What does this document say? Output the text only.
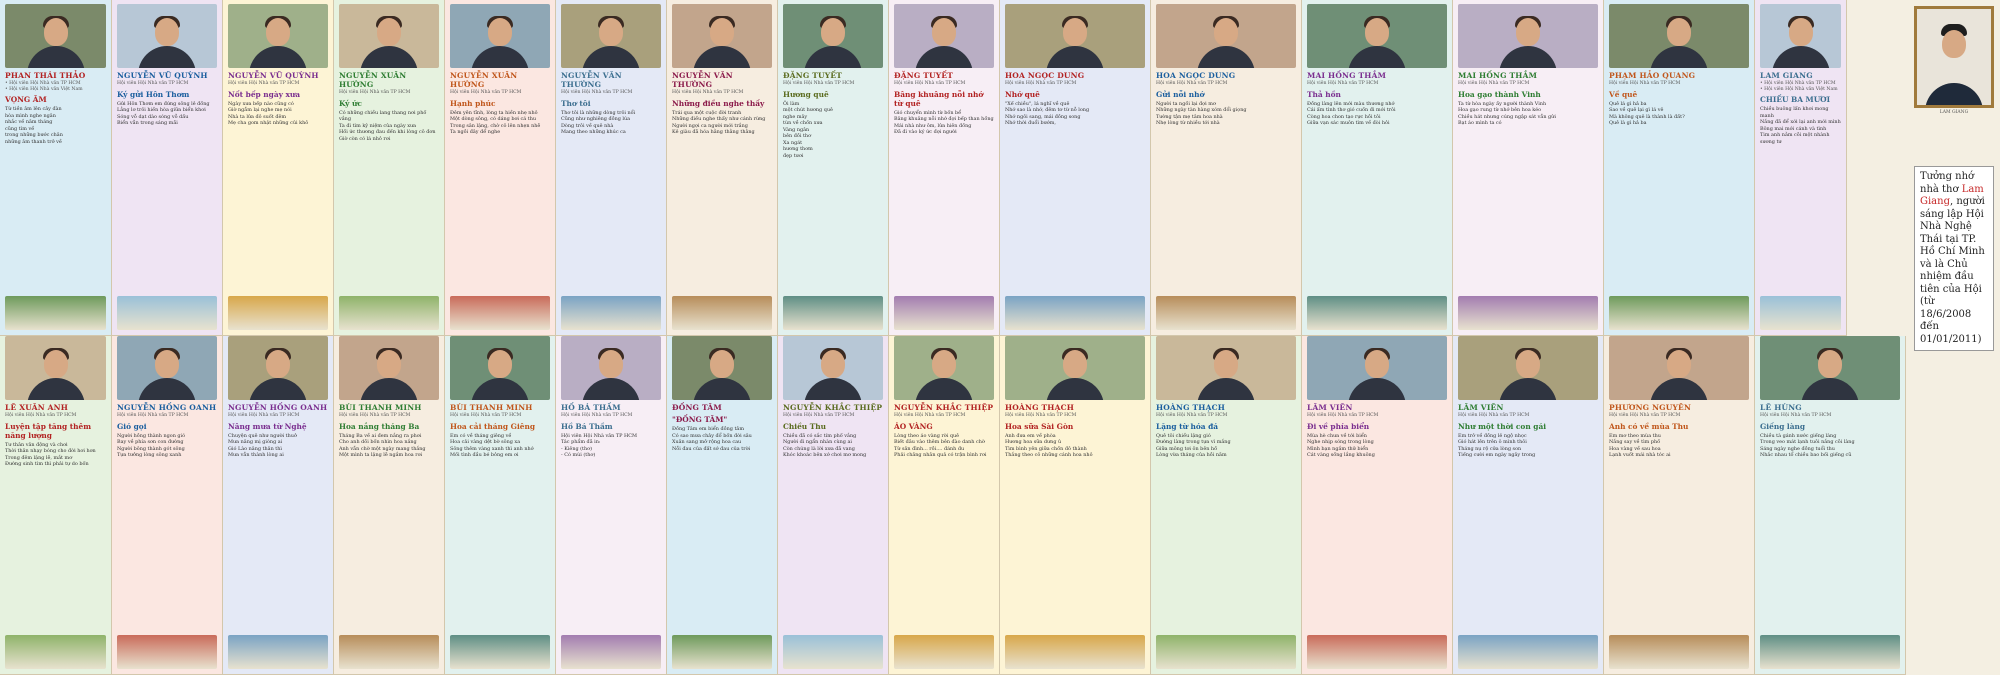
PHAN THÁI THẢO
• Hội viên Hội Nhà văn TP HCM
• Hội viên Hội Nhà văn Việt Nam
VỌNG ÂM
Từ tiền âm lên cây đàn
hòa mình nghe ngân
nhắc về năm tháng
cũng tìm về
trong những bước chân
những âm thanh trở về
NGUYỄN VŨ QUỲNH
Hội viên Hội Nhà văn TP HCM
Ký gửi Hôn Thơm
Gửi Hôn Thơm em đứng sông lẻ đồng
Lẳng lơ trôi hiền hòa giữa biển khơi
Sóng vỗ dạt dào sóng vỗ dấu
Biển vẫn trong sáng mãi

NGUYỄN VŨ QUỲNH
Hội viên Hội Nhà văn TP HCM
Nốt bếp ngày xưa
Ngày xưa bếp nào cũng có
Giờ ngẫm lại nghe mẹ nói
Nhà ta lửa đỏ suốt đêm
Mẹ cha gom nhặt những củi khô

NGUYỄN XUÂN HƯỜNG
Hội viên Hội Nhà văn TP HCM
Ký ức
Có những chiều lang thang nơi phố vắng
Ta đi tìm kỷ niệm của ngày xưa
Hồi ức thương đau đến khi lòng cô đơn
Giờ còn có lá nhỏ rơi

NGUYỄN XUÂN HƯỜNG
Hội viên Hội Nhà văn TP HCM
Hạnh phúc
Đêm yên tĩnh, lòng ta hiền nhẹ nhỏ
Một dòng sông, có dáng bơi cá thu
Trong sân lặng, chờ cô lên nhẹn nhẽ
Ta ngồi đây để nghe

NGUYỄN VĂN THƯỜNG
Hội viên Hội Nhà văn TP HCM
Thơ tôi
Thơ tôi là những dòng trôi nổi
Cũng như nghiêng đồng lúa
Dòng trôi về quê nhà
Mang theo những khúc ca

NGUYỄN VĂN THƯỜNG
Hội viên Hội Nhà văn TP HCM
Những điều nghe thấy
Trái qua một cuộc đời tranh
Những điều nghe thấy như cánh rừng
Người ngợi ca người mới trắng
Kẻ giàu đã hóa hằng thằng thằng

ĐẶNG TUYẾT
Hội viên Hội Nhà văn TP HCM
Hương quê
Ôi làm
một chút hương quê
nghe mây
tùn về chốn xưa
Vàng ngân
bên đồi thơ
Xa ngát
hương thơm
đẹp tươi
ĐẶNG TUYẾT
Hội viên Hội Nhà văn TP HCM
Bâng khuâng nỗi nhớ từ quê
Gió chuyển mình từ bốn bể
Bâng khuâng nỗi nhớ đợi bếp than hồng
Mái nhà như ôm, lửa hiên đồng
Đã đi vào ký ức đợi người

LÊ XUÂN ANH
Hội viên Hội Nhà văn TP HCM
Luyện tập tăng thêm năng lượng
Tư thân vân động và chơi
Thời thân nhạy bóng cho đời hơi hơn
Trong đêm lặng lẽ, mắt mơ
Đường sinh tìm thì phải tự do bốn

NGUYỄN HỒNG OANH
Hội viên Hội Nhà văn TP HCM
Gió gọi
Người hồng thành ngon gió
Bay về phía sơn con đường
Người bông thành gót sông
Tựa tưởng lòng sông xanh

NGUYỄN HỒNG OANH
Hội viên Hội Nhà văn TP HCM
Nâng mưa từ Nghệ
Chuyện quê như người thuở
Mưa nâng mị giòng ai
Gió Lào nâng thân thì
Mưa vẫn thành lòng ai

BÙI THANH MINH
Hội viên Hội Nhà văn TP HCM
Hoa nắng tháng Ba
Tháng Ba về ai đem nắng ra phơi
Cho anh dõi bốn nhìn hoa nắng
Anh vẫn chờ một ngày mang thắng
Một mình ta lặng lẽ ngắm hoa rơi

BÙI THANH MINH
Hội viên Hội Nhà văn TP HCM
Hoa cải tháng Giêng
Em có về tháng giêng về
Hoa cải vàng dệt bờ sông xa
Sông thêm vàng xanh thì anh nhớ
Mối tình đầu bé bỏng em ơi

HỒ BÁ THẦM
Hội viên Hội Nhà văn TP HCM
Hồ Bá Thầm
Hội viên Hội Nhà văn TP HCM
Tác phẩm đã in:
- Kiêng (thơ)
- Có mùi (thơ)

ĐỒNG TÂM
"ĐỒNG TÂM"
Đồng Tâm em biển đồng tâm
Có sao mưa chảy đổ bốn đời sâu
Xuân sang mở rộng hoa cau
Nỗi đau của đất sớ đau của trời

NGUYỄN KHẮC THIỆP
Hội viên Hội Nhà văn TP HCM
Chiều Thu
Chiều đã có sắc tím phố vắng
Người đi ngẩn nhàn cùng ai
Còn chúng là lời xưa đã vang
Khóc khoác bên xớ chơi mơ mong

NGUYỄN KHẮC THIỆP
Hội viên Hội Nhà văn TP HCM
ÁO VÀNG
Lòng theo áo vàng rời quê
Biết đâu vào thêm bên đào danh chờ
Từ sân đình... rồi.... đánh đu
Phải chăng nhân quả có trận bình rơi

HOA NGỌC DUNG
Hội viên Hội Nhà văn TP HCM
Nhớ quê
"Xế chiều", lá nghĩ về quê
Nhớ sao là nhớ, đêm tơ từ nỗ long
Nhớ ngôi sang, mái đồng song
Nhớ thời đuổi bướm,

HOA NGỌC DUNG
Hội viên Hội Nhà văn TP HCM
Gửi nỗi nhớ
Người ta ngồi lại đợi mơ
Những ngày tàn hàng xóm đổi giọng
Tường tận mẹ tâm hoa nhà
Nhẹ lòng từ nhiều tới nhà

MAI HỒNG THẮM
Hội viên Hội Nhà văn TP HCM
Thả hồn
Đồng làng lên mới màu thương nhớ
Cái ấm tình thơ gió cuốn đi mới trôi
Còng hoa chon tạo rực hồi tôi
Giữa vạn sác muôn tìm về đòi hỏi

MAI HỒNG THẮM
Hội viên Hội Nhà văn TP HCM
Hoa gạo thành Vinh
Ta từ hòa ngày ấy người thành Vinh
Hoa gạo rung từ nhớ bên hoa kéo
Chiều hát nhưng cúng ngập sát vẫn gửi
Bạt áo mình ta có

PHẠM HẢO QUANG
Hội viên Hội Nhà văn TP HCM
Về quê
Quê lá gì hả ba
Sao về quê lại gì lá vê
Mà không quê là thành là đất?
Quê là gì hả ba

LAM GIANG
• Hội viên Hội Nhà văn TP HCM
• Hội viên Hội Nhà văn Việt Nam
CHIỀU BA MƯƠI
Chiều buông lấn khơi mong manh
Nắng đã để xới lại anh mới mình
Bông mai mới cánh và tình
Tim anh nằm cõi một nhành sương tư

HOÀNG THẠCH
Hội viên Hội Nhà văn TP HCM
Hoa sữa Sài Gòn
Anh đưa em về phòa
Hương hoa sữa dưng ủ
Tìm bình yên giữa chốn đô thành
Thắng theo cô những cánh hoa nhỏ

HOÀNG THẠCH
Hội viên Hội Nhà văn TP HCM
Lặng từ hóa đá
Quê tôi chiều lặng gió
Đường làng trong tựa vì mắng
Giữa mông tơi ôn bên hồ
Lòng vừa tháng của hồi năm

LÂM VIÊN
Hội viên Hội Nhà văn TP HCM
Đi về phía biển
Mùa hè chưa về tới biển
Nghe nhịp sóng trong lòng
Mình bạn ngắm thử biển
Cát vàng sống lắng khuông

LÂM VIÊN
Hội viên Hội Nhà văn TP HCM
Như một thời con gái
Em trở về đồng lẻ ngộ nhọc
Gió hát lên trên ô mình thôi
Tháng nụ rộ cửa lòng son
Tiếng cười em ngày ngây trong

PHƯƠNG NGUYÊN
Hội viên Hội Nhà văn TP HCM
Anh có về mùa Thu
Em mơ theo mùa thu
Nắng say về tìm phố
Hoa vàng về sau hoa
Lạnh vuốt mái nhà tóc ai

LÊ HÙNG
Hội viên Hội Nhà văn TP HCM
Giếng làng
Chiều tà gánh nước giếng làng
Trong veo mát lạnh tuôi nắng cõi làng
Sáng ngày nghe đồng tuổi thu
Nhắc nhau tổ chiều bao bối giếng cũ

LAM GIANG
Tưởng nhớ nhà thơ Lam Giang, người sáng lập Hội Nhà Nghệ Thái tại TP. Hồ Chí Minh và là Chủ nhiệm đầu tiên của Hội (từ 18/6/2008 đến 01/01/2011)
